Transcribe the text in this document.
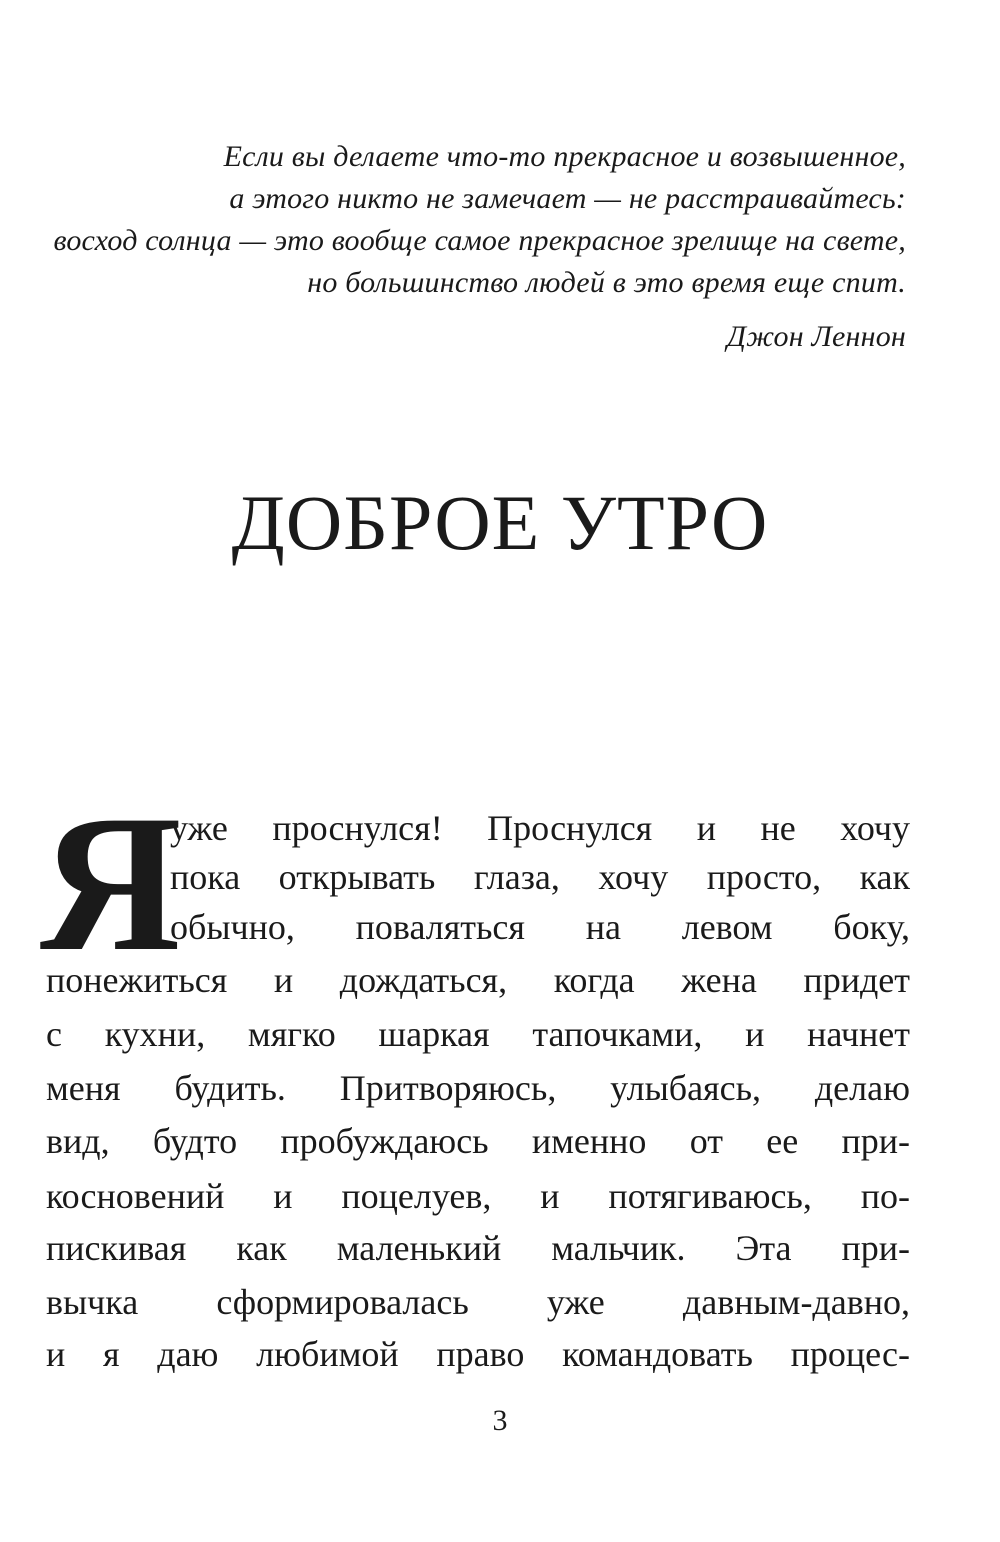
Если вы делаете что-то прекрасное и возвышенное,
а этого никто не замечает — не расстраивайтесь:
восход солнца — это вообще самое прекрасное зрелище на свете,
но большинство людей в это время еще спит.
Джон Леннон
ДОБРОЕ УТРО
Я
уже проснулся! Проснулся и не хочу
пока открывать глаза, хочу просто, как
обычно, поваляться на левом боку,
понежиться и дождаться, когда жена придет
с кухни, мягко шаркая тапочками, и начнет
меня будить. Притворяюсь, улыбаясь, делаю
вид, будто пробуждаюсь именно от ее при-
косновений и поцелуев, и потягиваюсь, по-
пискивая как маленький мальчик. Эта при-
вычка сформировалась уже давным-давно,
и я даю любимой право командовать процес-
3
